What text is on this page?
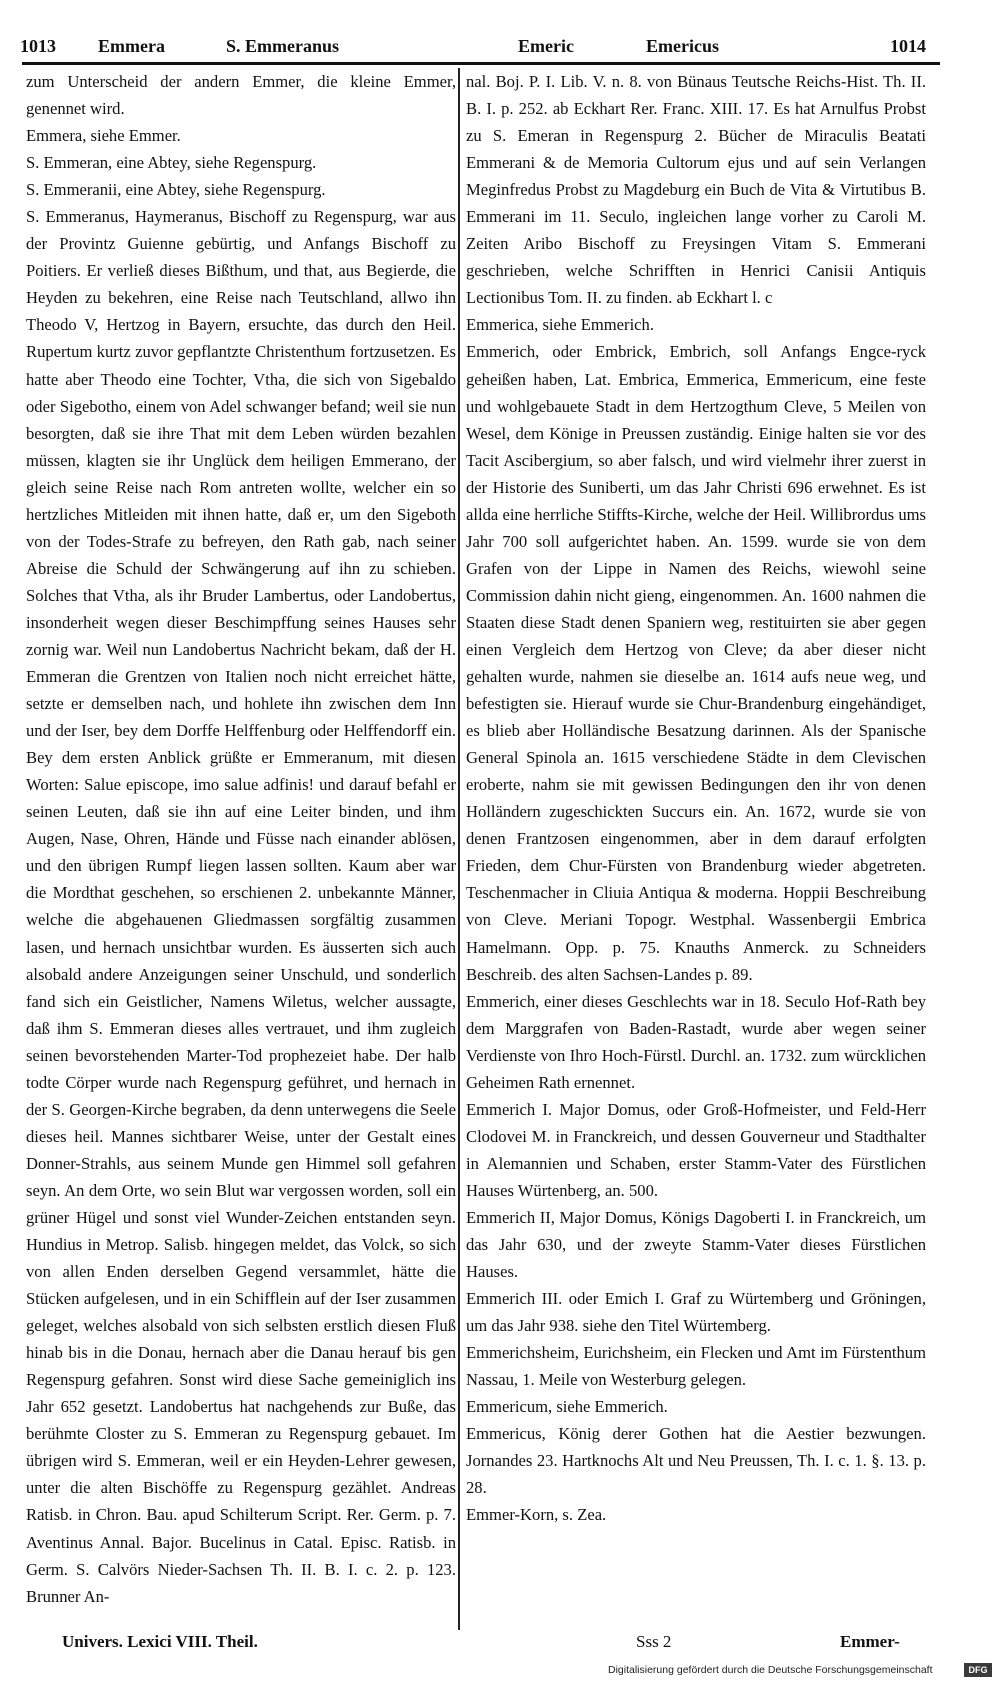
1013 Emmera	S. Emmeranus	Emeric	Emericus	1014

zum Unterscheid der andern Emmer, die kleine Emmer, genennet wird.

Emmera, siehe Emmer.

S. Emmeran, eine Abtey, siehe Regenspurg.

S. Emmeranii, eine Abtey, siehe Regenspurg.

S. Emmeranus, Haymeranus, Bischoff zu Regenspurg, war aus der Provintz Guienne gebürtig, und Anfangs Bischoff zu Poitiers. Er verließ dieses Bißthum, und that, aus Begierde, die Heyden zu bekehren, eine Reise nach Teutschland, allwo ihn Theodo V, Hertzog in Bayern, ersuchte, das durch den Heil. Rupertum kurtz zuvor gepflantzte Christenthum fortzusetzen. Es hatte aber Theodo eine Tochter, Vtha, die sich von Sigebaldo oder Sigebotho, einem von Adel schwanger befand; weil sie nun besorgten, daß sie ihre That mit dem Leben würden bezahlen müssen, klagten sie ihr Unglück dem heiligen Emmerano, der gleich seine Reise nach Rom antreten wollte, welcher ein so hertzliches Mitleiden mit ihnen hatte, daß er, um den Sigeboth von der Todes-Strafe zu befreyen, den Rath gab, nach seiner Abreise die Schuld der Schwängerung auf ihn zu schieben. Solches that Vtha, als ihr Bruder Lambertus, oder Landobertus, insonderheit wegen dieser Beschimpffung seines Hauses sehr zornig war. Weil nun Landobertus Nachricht bekam, daß der H. Emmeran die Grentzen von Italien noch nicht erreichet hätte, setzte er demselben nach, und hohlete ihn zwischen dem Inn und der Iser, bey dem Dorffe Helffenburg oder Helffendorff ein. Bey dem ersten Anblick grüßte er Emmeranum, mit diesen Worten: Salue episcope, imo salue adfinis! und darauf befahl er seinen Leuten, daß sie ihn auf eine Leiter binden, und ihm Augen, Nase, Ohren, Hände und Füsse nach einander ablösen, und den übrigen Rumpf liegen lassen sollten. Kaum aber war die Mordthat geschehen, so erschienen 2. unbekannte Männer, welche die abgehauenen Gliedmassen sorgfältig zusammen lasen, und hernach unsichtbar wurden. Es äusserten sich auch alsobald andere Anzeigungen seiner Unschuld, und sonderlich fand sich ein Geistlicher, Namens Wiletus, welcher aussagte, daß ihm S. Emmeran dieses alles vertrauet, und ihm zugleich seinen bevorstehenden Marter-Tod prophezeiet habe. Der halb todte Cörper wurde nach Regenspurg geführet, und hernach in der S. Georgen-Kirche begraben, da denn unterwegens die Seele dieses heil. Mannes sichtbarer Weise, unter der Gestalt eines Donner-Strahls, aus seinem Munde gen Himmel soll gefahren seyn. An dem Orte, wo sein Blut war vergossen worden, soll ein grüner Hügel und sonst viel Wunder-Zeichen entstanden seyn. Hundius in Metrop. Salisb. hingegen meldet, das Volck, so sich von allen Enden derselben Gegend versammlet, hätte die Stücken aufgelesen, und in ein Schifflein auf der Iser zusammen geleget, welches alsobald von sich selbsten erstlich diesen Fluß hinab bis in die Donau, hernach aber die Danau herauf bis gen Regenspurg gefahren. Sonst wird diese Sache gemeiniglich ins Jahr 652 gesetzt. Landobertus hat nachgehends zur Buße, das berühmte Closter zu S. Emmeran zu Regenspurg gebauet. Im übrigen wird S. Emmeran, weil er ein Heyden-Lehrer gewesen, unter die alten Bischöffe zu Regenspurg gezählet. Andreas Ratisb. in Chron. Bau. apud Schilterum Script. Rer. Germ. p. 7. Aventinus Annal. Bajor. Bucelinus in Catal. Episc. Ratisb. in Germ. S. Calvörs Nieder-Sachsen Th. II. B. I. c. 2. p. 123. Brunner An-

nal. Boj. P. I. Lib. V. n. 8. von Bünaus Teutsche Reichs-Hist. Th. II. B. I. p. 252. ab Eckhart Rer. Franc. XIII. 17. Es hat Arnulfus Probst zu S. Emeran in Regenspurg 2. Bücher de Miraculis Beatati Emmerani & de Memoria Cultorum ejus und auf sein Verlangen Meginfredus Probst zu Magdeburg ein Buch de Vita & Virtutibus B. Emmerani im 11. Seculo, ingleichen lange vorher zu Caroli M. Zeiten Aribo Bischoff zu Freysingen Vitam S. Emmerani geschrieben, welche Schrifften in Henrici Canisii Antiquis Lectionibus Tom. II. zu finden. ab Eckhart l. c

Emmerica, siehe Emmerich.

Emmerich, oder Embrick, Embrich, soll Anfangs Engce-ryck geheißen haben, Lat. Embrica, Emmerica, Emmericum, eine feste und wohlgebauete Stadt in dem Hertzogthum Cleve, 5 Meilen von Wesel, dem Könige in Preussen zuständig. Einige halten sie vor des Tacit Ascibergium, so aber falsch, und wird vielmehr ihrer zuerst in der Historie des Suniberti, um das Jahr Christi 696 erwehnet. Es ist allda eine herrliche Stiffts-Kirche, welche der Heil. Willibrordus ums Jahr 700 soll aufgerichtet haben. An. 1599. wurde sie von dem Grafen von der Lippe in Namen des Reichs, wiewohl seine Commission dahin nicht gieng, eingenommen. An. 1600 nahmen die Staaten diese Stadt denen Spaniern weg, restituirten sie aber gegen einen Vergleich dem Hertzog von Cleve; da aber dieser nicht gehalten wurde, nahmen sie dieselbe an. 1614 aufs neue weg, und befestigten sie. Hierauf wurde sie Chur-Brandenburg eingehändiget, es blieb aber Holländische Besatzung darinnen. Als der Spanische General Spinola an. 1615 verschiedene Städte in dem Clevischen eroberte, nahm sie mit gewissen Bedingungen den ihr von denen Holländern zugeschickten Succurs ein. An. 1672, wurde sie von denen Frantzosen eingenommen, aber in dem darauf erfolgten Frieden, dem Chur-Fürsten von Brandenburg wieder abgetreten. Teschenmacher in Cliuia Antiqua & moderna. Hoppii Beschreibung von Cleve. Meriani Topogr. Westphal. Wassenbergii Embrica Hamelmann. Opp. p. 75. Knauths Anmerck. zu Schneiders Beschreib. des alten Sachsen-Landes p. 89.

Emmerich, einer dieses Geschlechts war in 18. Seculo Hof-Rath bey dem Marggrafen von Baden-Rastadt, wurde aber wegen seiner Verdienste von Ihro Hoch-Fürstl. Durchl. an. 1732. zum würcklichen Geheimen Rath ernennet.

Emmerich I. Major Domus, oder Groß-Hofmeister, und Feld-Herr Clodovei M. in Franckreich, und dessen Gouverneur und Stadthalter in Alemannien und Schaben, erster Stamm-Vater des Fürstlichen Hauses Würtenberg, an. 500.

Emmerich II, Major Domus, Königs Dagoberti I. in Franckreich, um das Jahr 630, und der zweyte Stamm-Vater dieses Fürstlichen Hauses.

Emmerich III. oder Emich I. Graf zu Würtemberg und Gröningen, um das Jahr 938. siehe den Titel Würtemberg.

Emmerichsheim, Eurichsheim, ein Flecken und Amt im Fürstenthum Nassau, 1. Meile von Westerburg gelegen.

Emmericum, siehe Emmerich.

Emmericus, König derer Gothen hat die Aestier bezwungen. Jornandes 23. Hartknochs Alt und Neu Preussen, Th. I. c. 1. §. 13. p. 28.

Emmer-Korn, s. Zea.

Univers. Lexici VIII. Theil.	Sss 2	Emmer-
Digitalisierung gefördert durch die Deutsche Forschungsgemeinschaft	DFG
